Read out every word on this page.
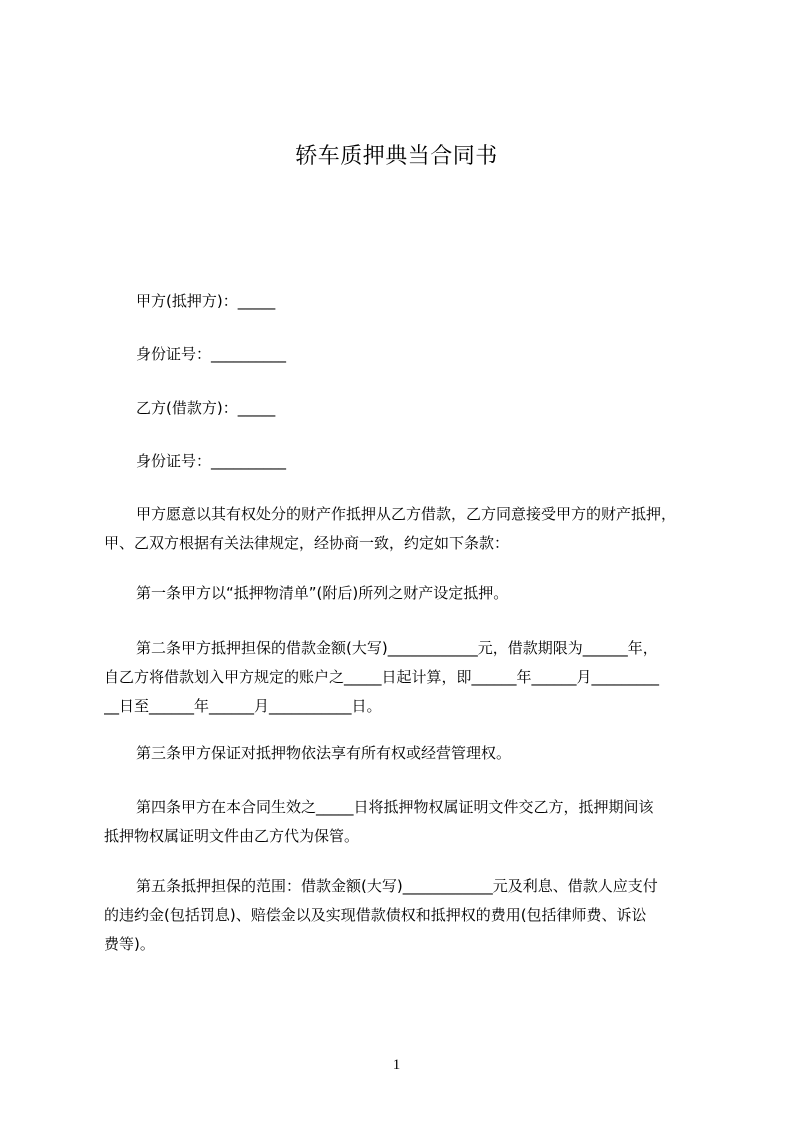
轿车质押典当合同书
甲方(抵押方)：_____
身份证号：__________
乙方(借款方)：_____
身份证号：__________
甲方愿意以其有权处分的财产作抵押从乙方借款，乙方同意接受甲方的财产抵押，
甲、乙双方根据有关法律规定，经协商一致，约定如下条款：
第一条甲方以“抵押物清单”(附后)所列之财产设定抵押。
第二条甲方抵押担保的借款金额(大写)____________元，借款期限为______年，
自乙方将借款划入甲方规定的账户之_____日起计算，即______年______月_________
__日至______年______月___________日。
第三条甲方保证对抵押物依法享有所有权或经营管理权。
第四条甲方在本合同生效之_____日将抵押物权属证明文件交乙方，抵押期间该
抵押物权属证明文件由乙方代为保管。
第五条抵押担保的范围：借款金额(大写)____________元及利息、借款人应支付
的违约金(包括罚息)、赔偿金以及实现借款债权和抵押权的费用(包括律师费、诉讼
费等)。
1
